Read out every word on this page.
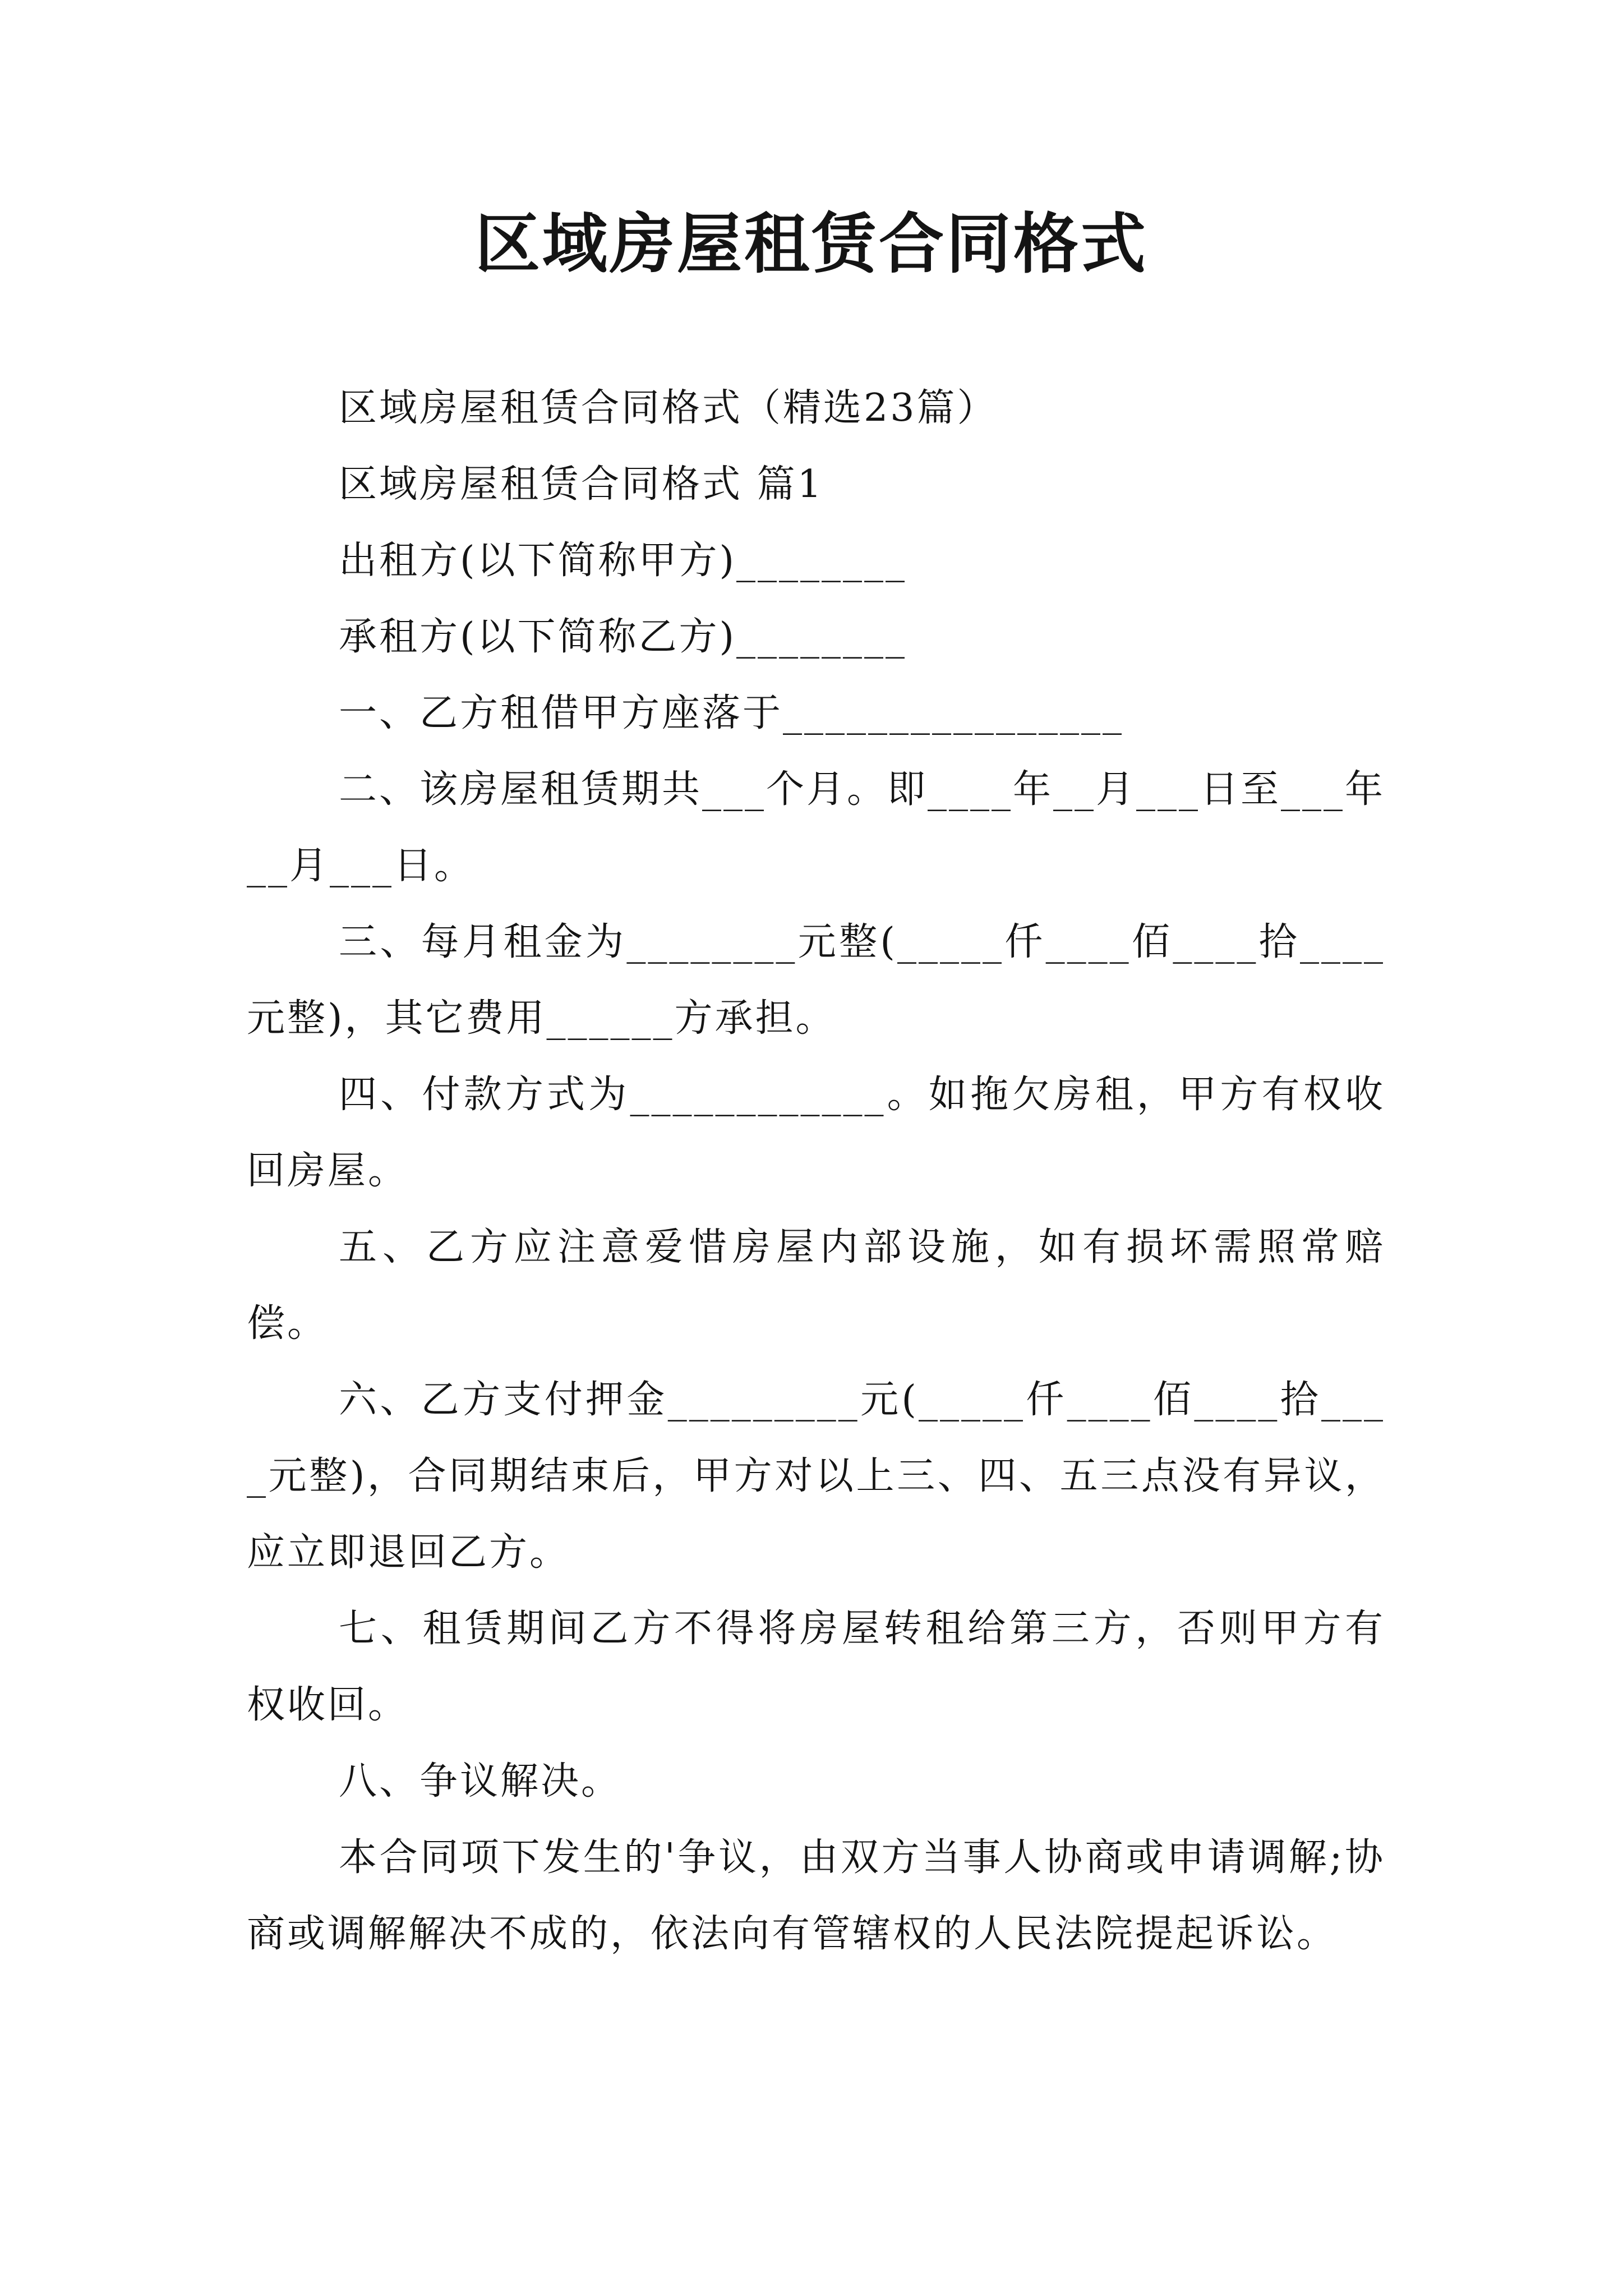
区域房屋租赁合同格式

区域房屋租赁合同格式（精选23篇）

区域房屋租赁合同格式 篇1

出租方(以下简称甲方)________

承租方(以下简称乙方)________

一、乙方租借甲方座落于________________

二、该房屋租赁期共___个月。即____年__月___日至___年__月___日。

三、每月租金为________元整(_____仟____佰____拾____元整)，其它费用______方承担。

四、付款方式为____________。如拖欠房租，甲方有权收回房屋。

五、乙方应注意爱惜房屋内部设施，如有损坏需照常赔偿。

六、乙方支付押金_________元(_____仟____佰____拾____元整)，合同期结束后，甲方对以上三、四、五三点没有异议，应立即退回乙方。

七、租赁期间乙方不得将房屋转租给第三方，否则甲方有权收回。

八、争议解决。

本合同项下发生的'争议，由双方当事人协商或申请调解;协商或调解解决不成的，依法向有管辖权的人民法院提起诉讼。
